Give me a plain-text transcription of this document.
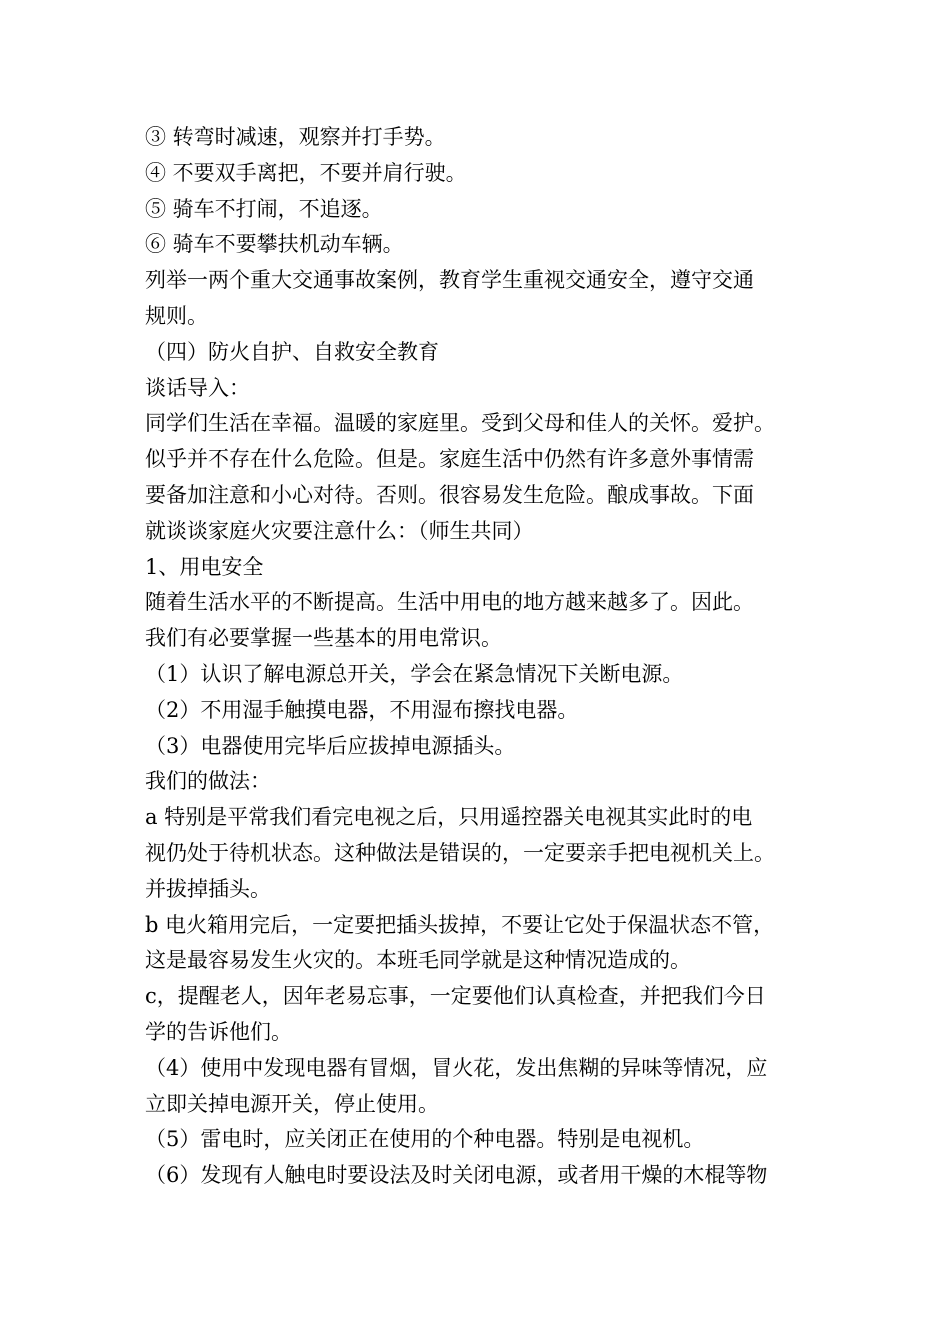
③ 转弯时减速，观察并打手势。
④ 不要双手离把，不要并肩行驶。
⑤ 骑车不打闹，不追逐。
⑥ 骑车不要攀扶机动车辆。
列举一两个重大交通事故案例，教育学生重视交通安全，遵守交通
规则。
（四）防火自护、自救安全教育
谈话导入：
同学们生活在幸福。温暖的家庭里。受到父母和佳人的关怀。爱护。
似乎并不存在什么危险。但是。家庭生活中仍然有许多意外事情需
要备加注意和小心对待。否则。很容易发生危险。酿成事故。下面
就谈谈家庭火灾要注意什么：（师生共同）
1、用电安全
随着生活水平的不断提高。生活中用电的地方越来越多了。因此。
我们有必要掌握一些基本的用电常识。
（1）认识了解电源总开关，学会在紧急情况下关断电源。
（2）不用湿手触摸电器，不用湿布擦找电器。
（3）电器使用完毕后应拔掉电源插头。
我们的做法：
a 特别是平常我们看完电视之后，只用遥控器关电视其实此时的电
视仍处于待机状态。这种做法是错误的，一定要亲手把电视机关上。
并拔掉插头。
b 电火箱用完后，一定要把插头拔掉，不要让它处于保温状态不管，
这是最容易发生火灾的。本班毛同学就是这种情况造成的。
c，提醒老人，因年老易忘事，一定要他们认真检查，并把我们今日
学的告诉他们。
（4）使用中发现电器有冒烟，冒火花，发出焦糊的异味等情况，应
立即关掉电源开关，停止使用。
（5）雷电时，应关闭正在使用的个种电器。特别是电视机。
（6）发现有人触电时要设法及时关闭电源，或者用干燥的木棍等物
